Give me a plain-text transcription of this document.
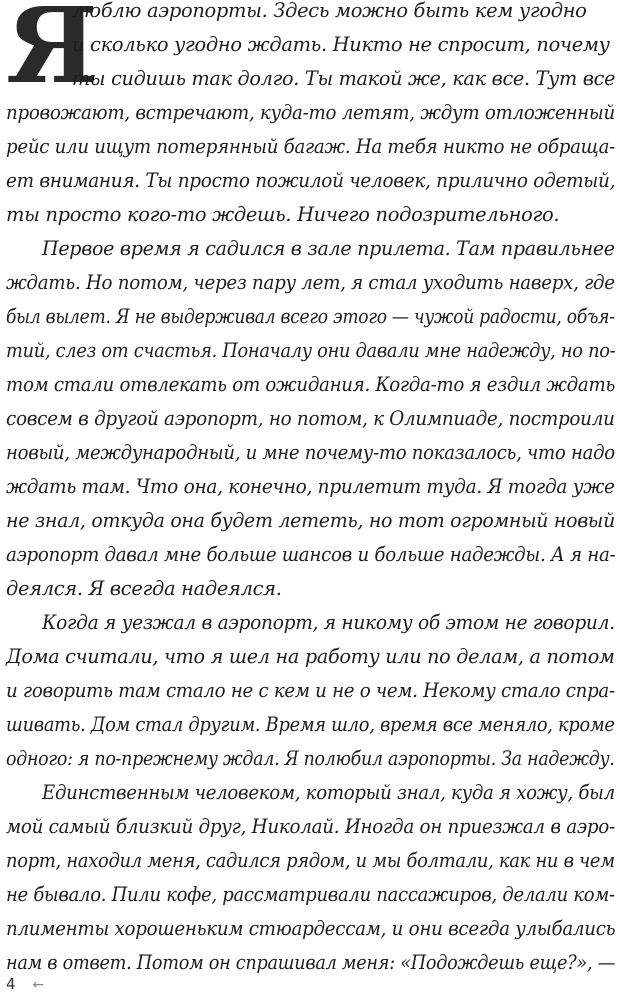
Я
люблю аэропорты. Здесь можно быть кем угодно
и сколько угодно ждать. Никто не спросит, почему
ты сидишь так долго. Ты такой же, как все. Тут все
провожают, встречают, куда-то летят, ждут отложенный
рейс или ищут потерянный багаж. На тебя никто не обраща-
ет внимания. Ты просто пожилой человек, прилично одетый,
ты просто кого-то ждешь. Ничего подозрительного.
Первое время я садился в зале прилета. Там правильнее
ждать. Но потом, через пару лет, я стал уходить наверх, где
был вылет. Я не выдерживал всего этого — чужой радости, объя-
тий, слез от счастья. Поначалу они давали мне надежду, но по-
том стали отвлекать от ожидания. Когда-то я ездил ждать
совсем в другой аэропорт, но потом, к Олимпиаде, построили
новый, международный, и мне почему-то показалось, что надо
ждать там. Что она, конечно, прилетит туда. Я тогда уже
не знал, откуда она будет лететь, но тот огромный новый
аэропорт давал мне больше шансов и больше надежды. А я на-
деялся. Я всегда надеялся.
Когда я уезжал в аэропорт, я никому об этом не говорил.
Дома считали, что я шел на работу или по делам, а потом
и говорить там стало не с кем и не о чем. Некому стало спра-
шивать. Дом стал другим. Время шло, время все меняло, кроме
одного: я по-прежнему ждал. Я полюбил аэропорты. За надежду.
Единственным человеком, который знал, куда я хожу, был
мой самый близкий друг, Николай. Иногда он приезжал в аэро-
порт, находил меня, садился рядом, и мы болтали, как ни в чем
не бывало. Пили кофе, рассматривали пассажиров, делали ком-
плименты хорошеньким стюардессам, и они всегда улыбались
нам в ответ. Потом он спрашивал меня: «Подождешь еще?», —
4 ←
